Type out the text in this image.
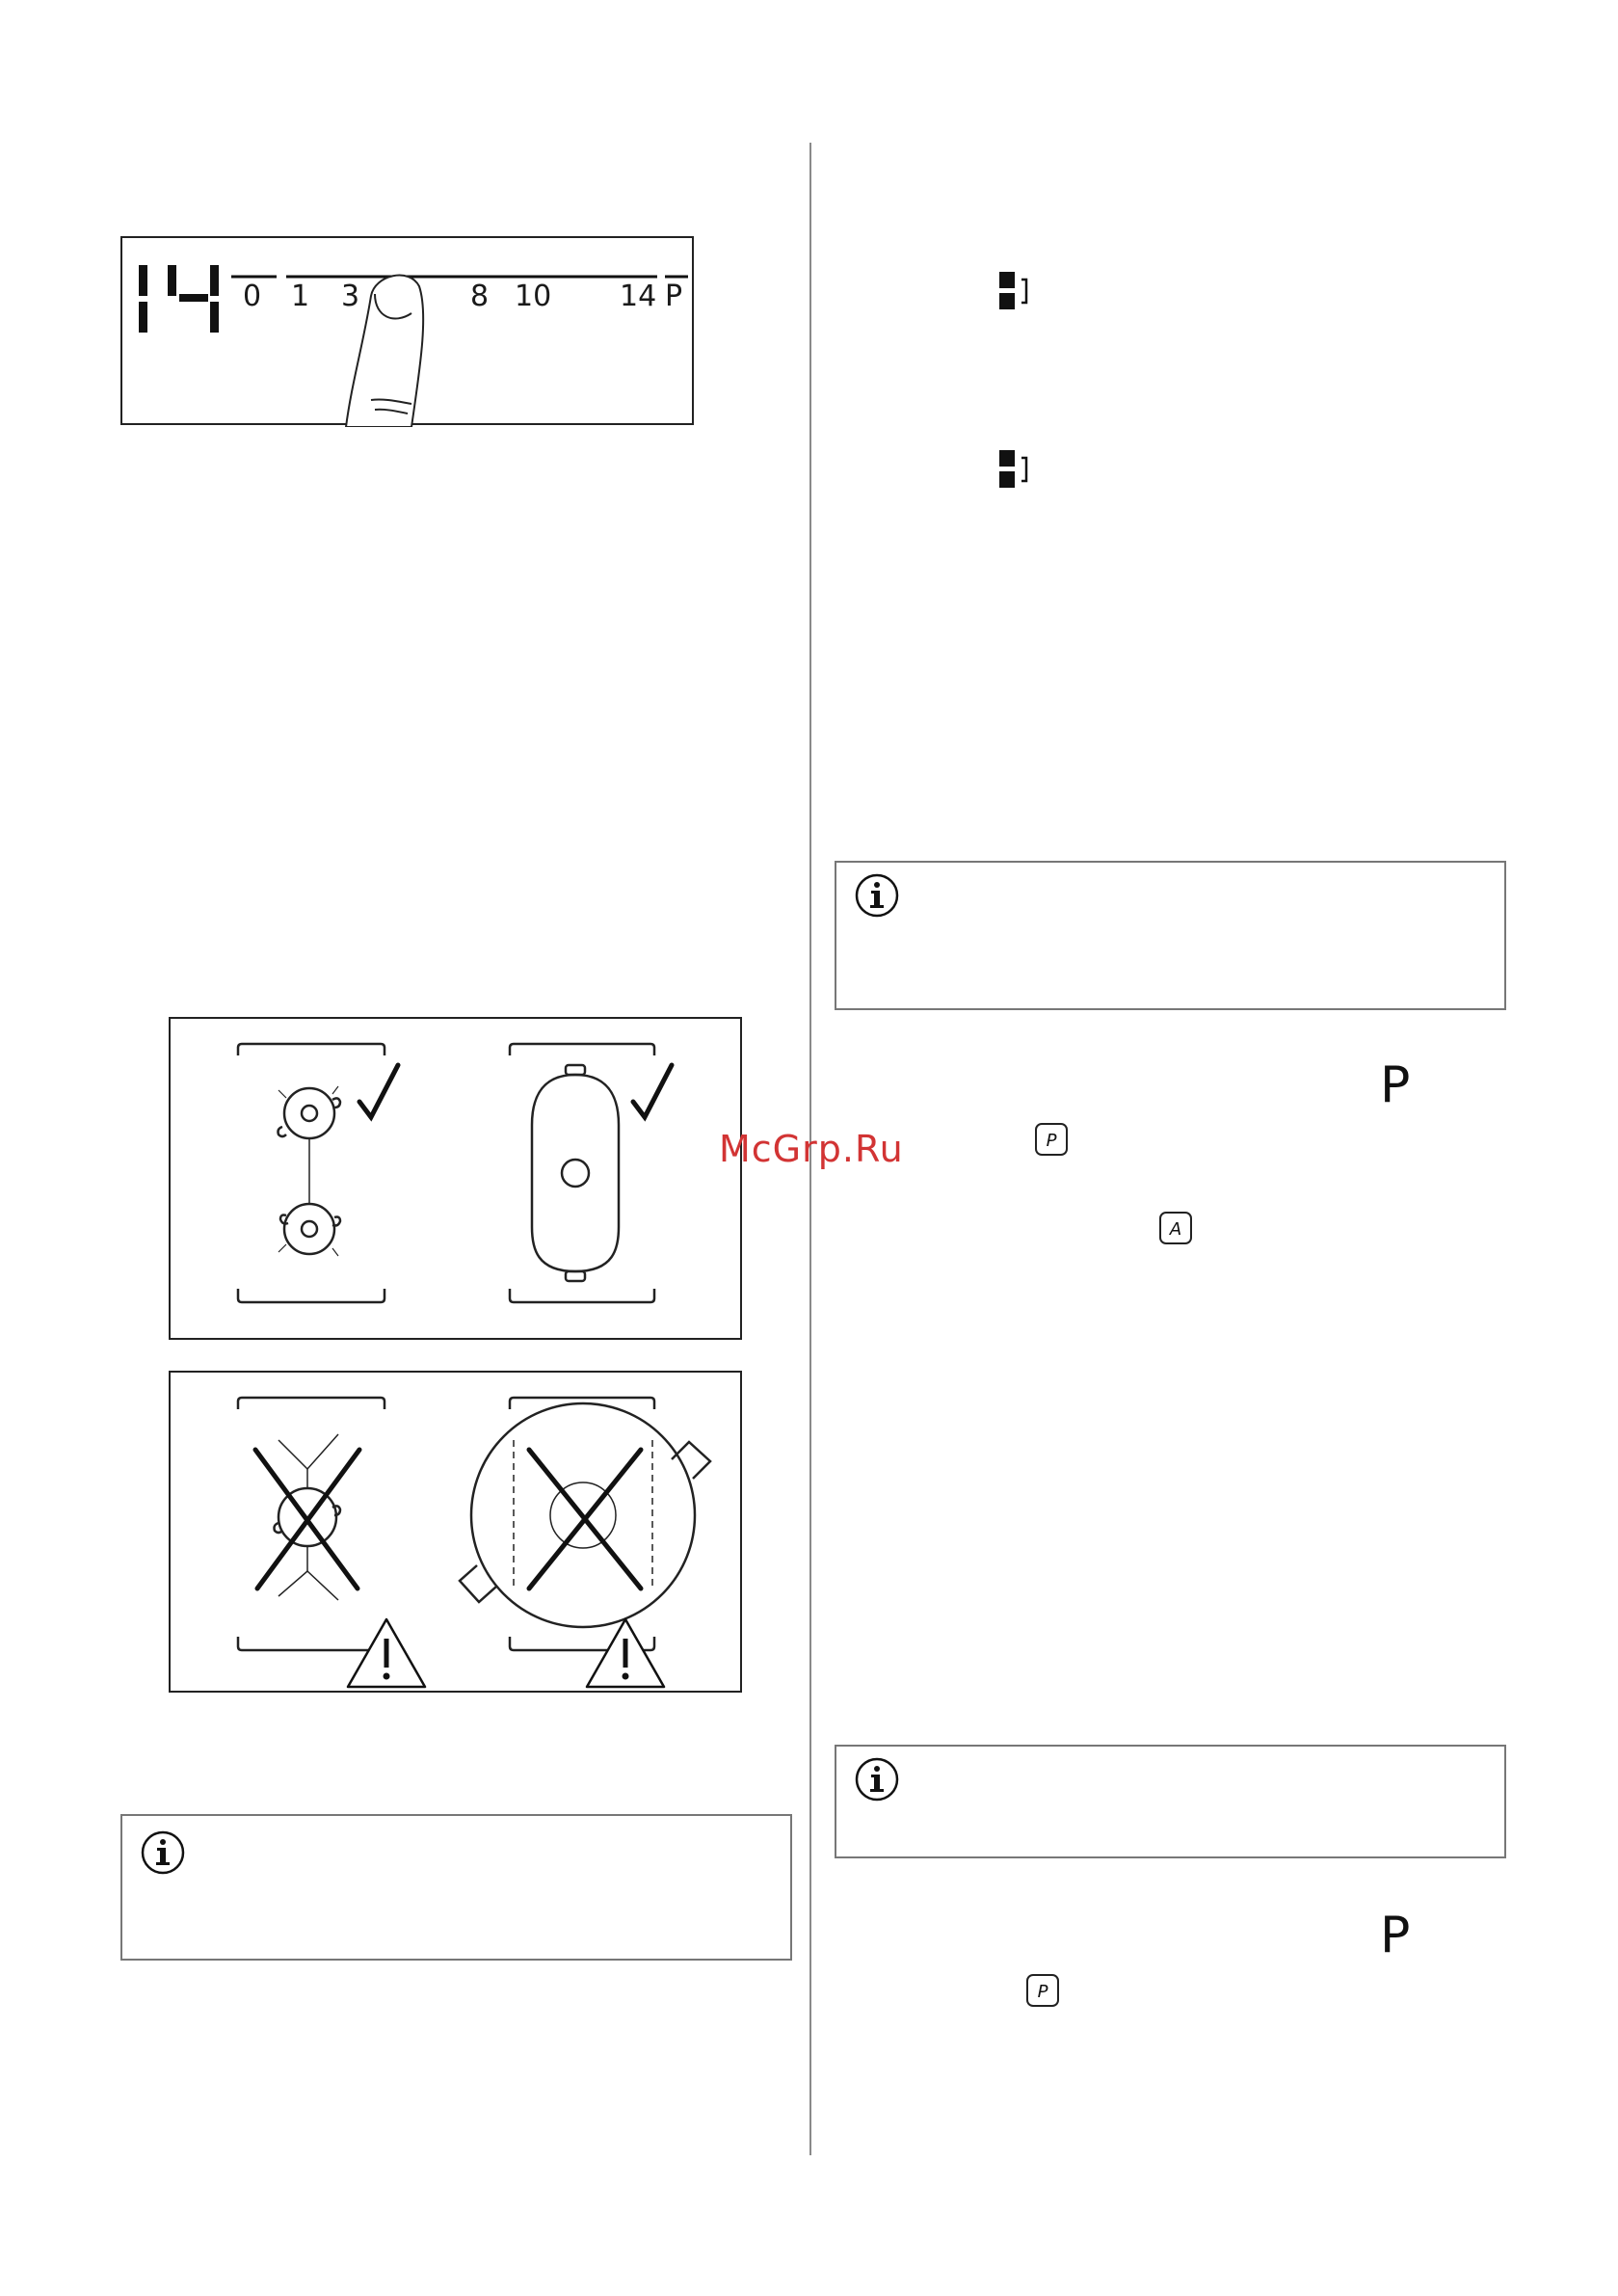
0 1 3	8 10 14 P
P
P
A
P
P
McGrp.Ru
